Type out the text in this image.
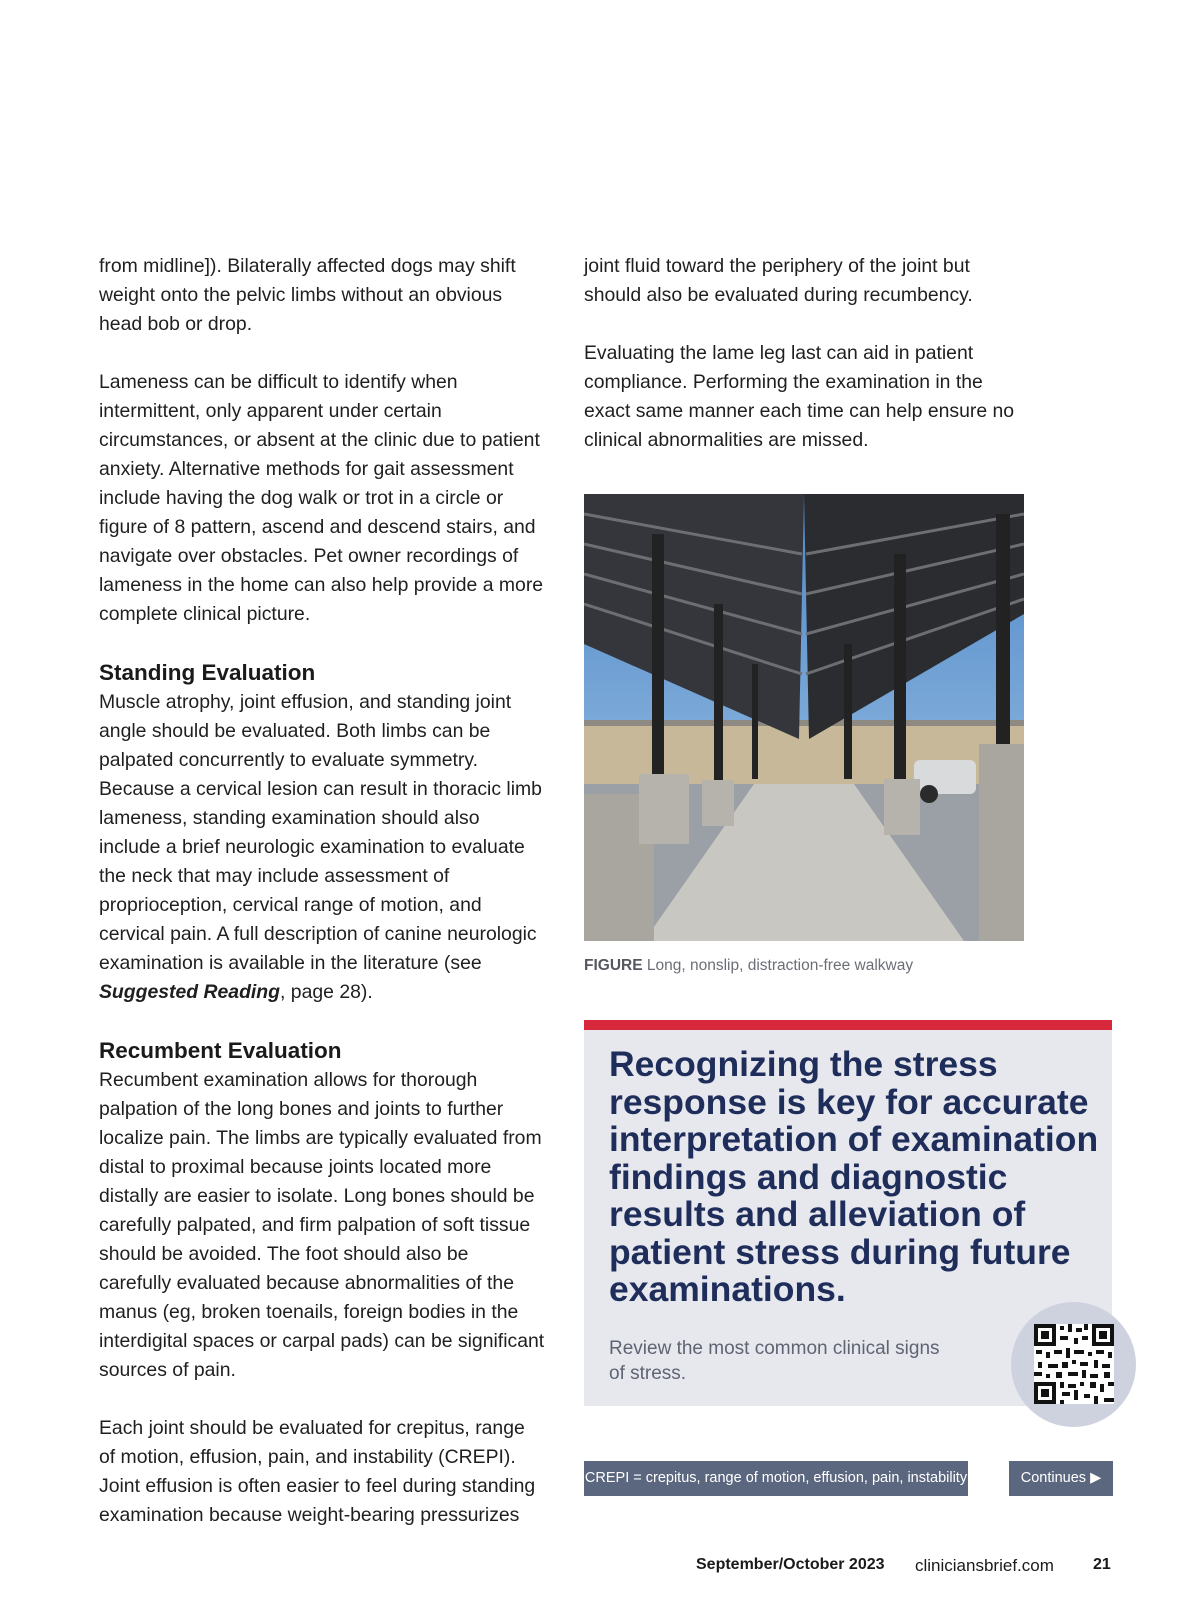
from midline]). Bilaterally affected dogs may shift weight onto the pelvic limbs without an obvious head bob or drop.

Lameness can be difficult to identify when intermittent, only apparent under certain circumstances, or absent at the clinic due to patient anxiety. Alternative methods for gait assessment include having the dog walk or trot in a circle or figure of 8 pattern, ascend and descend stairs, and navigate over obstacles. Pet owner recordings of lameness in the home can also help provide a more complete clinical picture.

Standing Evaluation

Muscle atrophy, joint effusion, and standing joint angle should be evaluated. Both limbs can be palpated concurrently to evaluate symmetry. Because a cervical lesion can result in thoracic limb lameness, standing examination should also include a brief neurologic examination to evaluate the neck that may include assessment of proprioception, cervical range of motion, and cervical pain. A full description of canine neurologic examination is available in the literature (see Suggested Reading, page 28).

Recumbent Evaluation

Recumbent examination allows for thorough palpation of the long bones and joints to further localize pain. The limbs are typically evaluated from distal to proximal because joints located more distally are easier to isolate. Long bones should be carefully palpated, and firm palpation of soft tissue should be avoided. The foot should also be carefully evaluated because abnormalities of the manus (eg, broken toenails, foreign bodies in the interdigital spaces or carpal pads) can be significant sources of pain.

Each joint should be evaluated for crepitus, range of motion, effusion, pain, and instability (CREPI). Joint effusion is often easier to feel during standing examination because weight-bearing pressurizes

joint fluid toward the periphery of the joint but should also be evaluated during recumbency.

Evaluating the lame leg last can aid in patient compliance. Performing the examination in the exact same manner each time can help ensure no clinical abnormalities are missed.

FIGURE Long, nonslip, distraction-free walkway
Recognizing the stress response is key for accurate interpretation of examination findings and diagnostic results and alleviation of patient stress during future examinations.
Review the most common clinical signs of stress.
CREPI = crepitus, range of motion, effusion, pain, instability	Continues ▶
September/October 2023 cliniciansbrief.com 21
